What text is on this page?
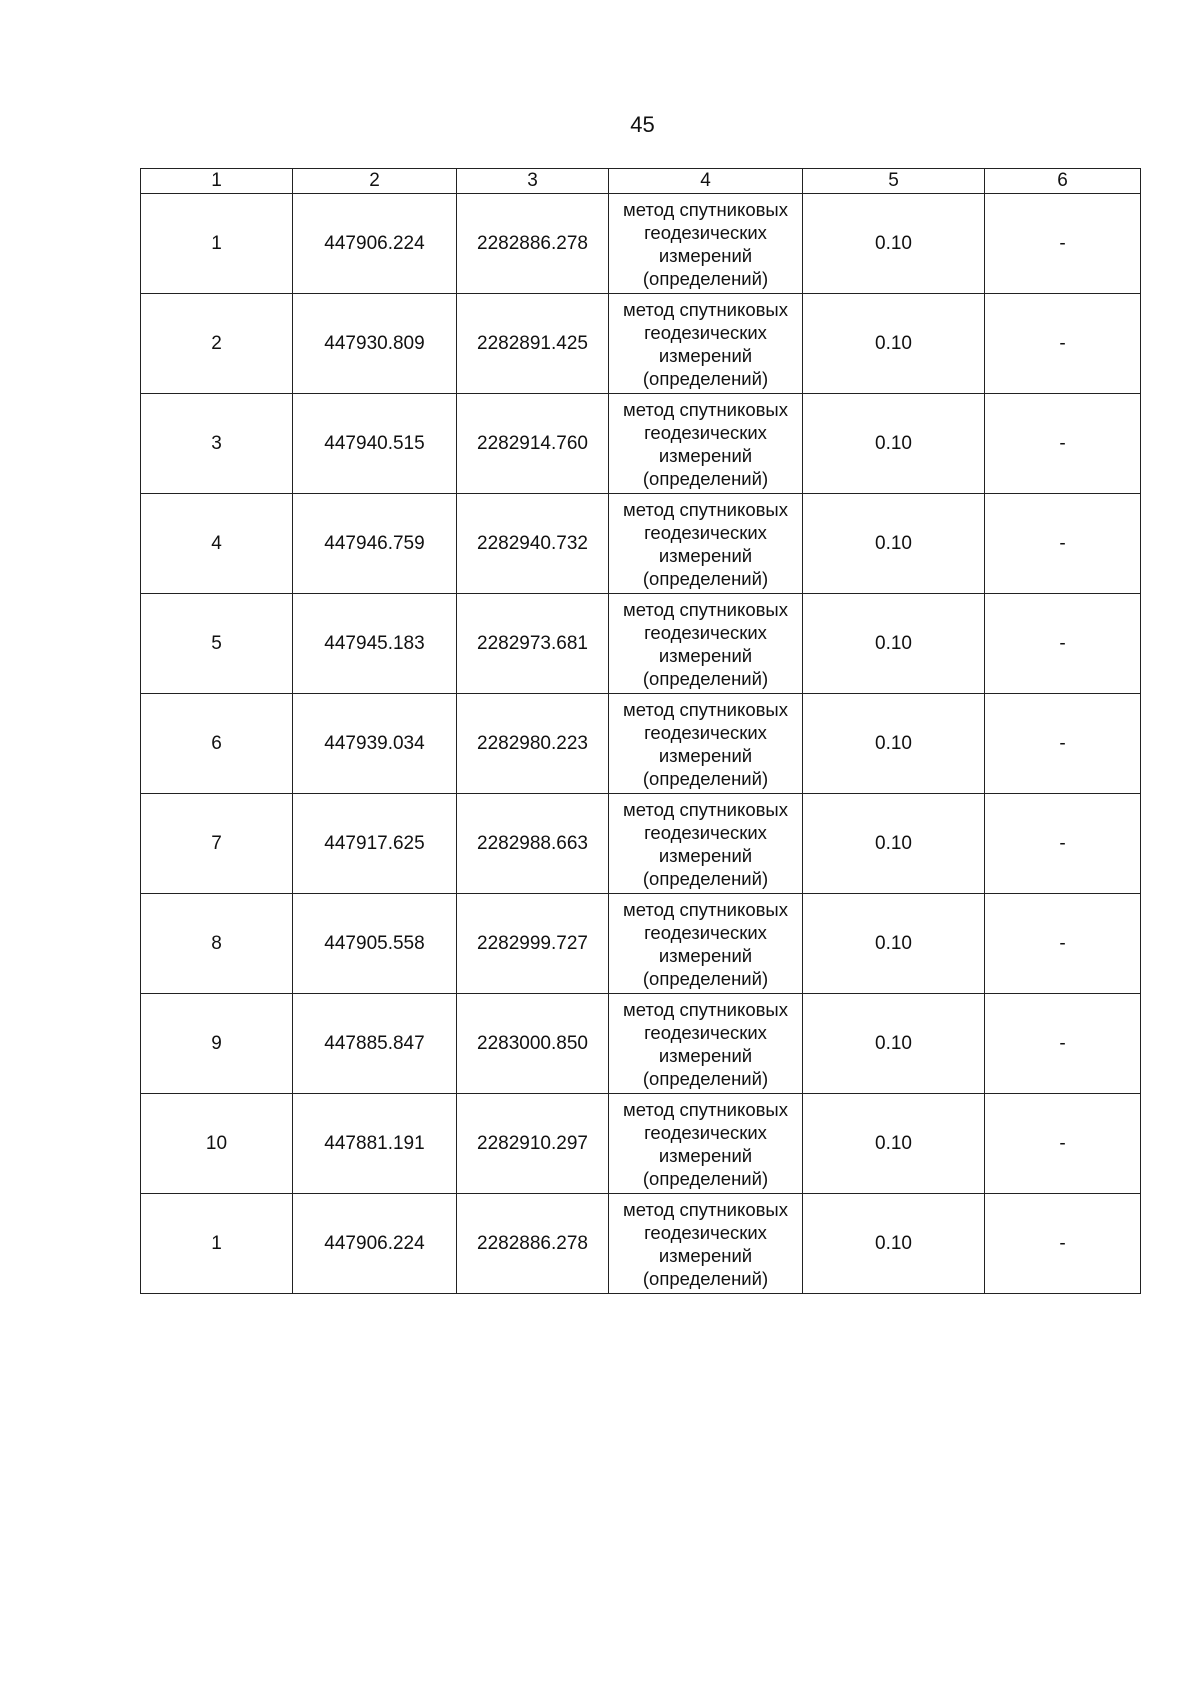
45
1	2	3	4	5	6
1	447906.224	2282886.278	метод спутниковых
геодезических
измерений
(определений)	0.10	-
2	447930.809	2282891.425	метод спутниковых
геодезических
измерений
(определений)	0.10	-
3	447940.515	2282914.760	метод спутниковых
геодезических
измерений
(определений)	0.10	-
4	447946.759	2282940.732	метод спутниковых
геодезических
измерений
(определений)	0.10	-
5	447945.183	2282973.681	метод спутниковых
геодезических
измерений
(определений)	0.10	-
6	447939.034	2282980.223	метод спутниковых
геодезических
измерений
(определений)	0.10	-
7	447917.625	2282988.663	метод спутниковых
геодезических
измерений
(определений)	0.10	-
8	447905.558	2282999.727	метод спутниковых
геодезических
измерений
(определений)	0.10	-
9	447885.847	2283000.850	метод спутниковых
геодезических
измерений
(определений)	0.10	-
10	447881.191	2282910.297	метод спутниковых
геодезических
измерений
(определений)	0.10	-
1	447906.224	2282886.278	метод спутниковых
геодезических
измерений
(определений)	0.10	-
